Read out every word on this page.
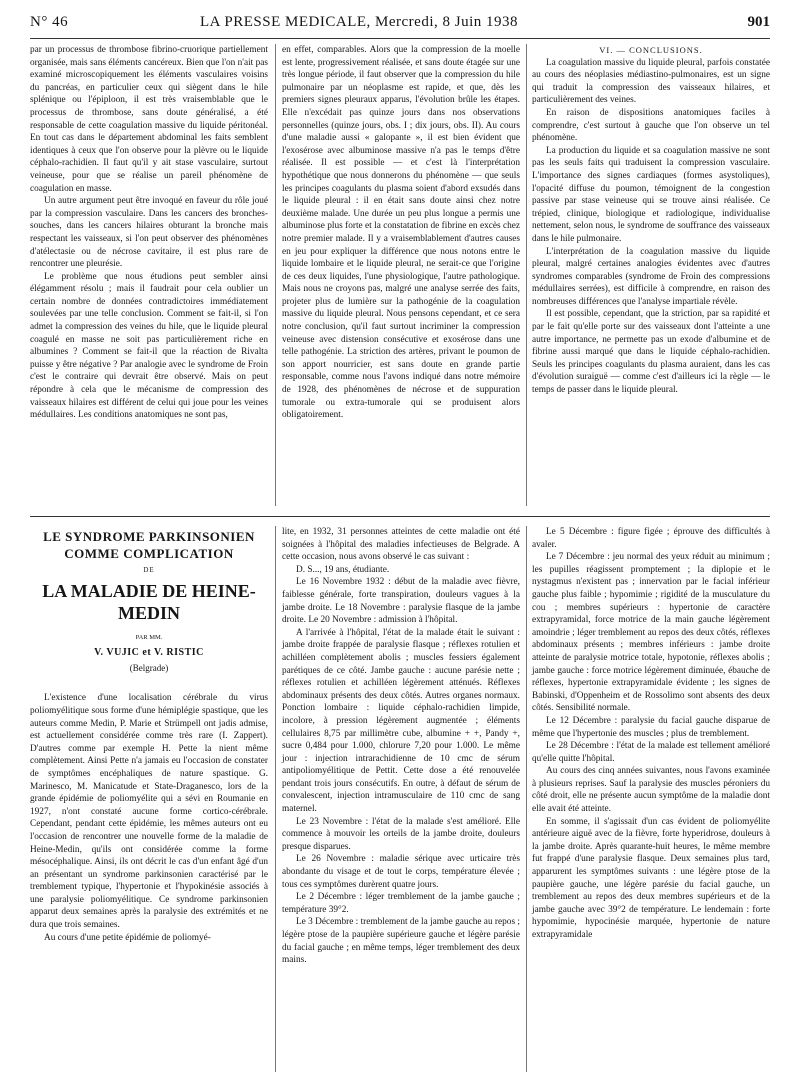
N° 46	LA PRESSE MEDICALE, Mercredi, 8 Juin 1938	901

par un processus de thrombose fibrino-cruorique partiellement organisée, mais sans éléments cancéreux. Bien que l'on n'ait pas examiné microscopiquement les éléments vasculaires voisins du pancréas, en particulier ceux qui siègent dans le hile splénique ou l'épiploon, il est très vraisemblable que le processus de thrombose, sans doute généralisé, a été responsable de cette coagulation massive du liquide péritonéal. En tout cas dans le département abdominal les faits semblent identiques à ceux que l'on observe pour la plèvre ou le liquide céphalo-rachidien. Il faut qu'il y ait stase vasculaire, surtout veineuse, pour que se réalise un pareil phénomène de coagulation en masse.

Un autre argument peut être invoqué en faveur du rôle joué par la compression vasculaire. Dans les cancers des bronches-souches, dans les cancers hilaires obturant la bronche mais respectant les vaisseaux, si l'on peut observer des phénomènes d'atélectasie ou de nécrose cavitaire, il est plus rare de rencontrer une pleurésie.

Le problème que nous étudions peut sembler ainsi élégamment résolu ; mais il faudrait pour cela oublier un certain nombre de données contradictoires immédiatement soulevées par une telle conclusion. Comment se fait-il, si l'on admet la compression des veines du hile, que le liquide pleural coagulé en masse ne soit pas particulièrement riche en albumines ? Comment se fait-il que la réaction de Rivalta puisse y être négative ? Par analogie avec le syndrome de Froin c'est le contraire qui devrait être observé. Mais on peut répondre à cela que le mécanisme de compression des vaisseaux hilaires est différent de celui qui joue pour les veines médullaires. Les conditions anatomiques ne sont pas,

en effet, comparables. Alors que la compression de la moelle est lente, progressivement réalisée, et sans doute étagée sur une très longue période, il faut observer que la compression du hile pulmonaire par un néoplasme est rapide, et que, dès les premiers signes pleuraux apparus, l'évolution brûle les étapes. Elle n'excédait pas quinze jours dans nos observations personnelles (quinze jours, obs. I ; dix jours, obs. II). Au cours d'une maladie aussi « galopante », il est bien évident que l'exosérose avec albuminose massive n'a pas le temps d'être réalisée. Il est possible — et c'est là l'interprétation hypothétique que nous donnerons du phénomène — que seuls les principes coagulants du plasma soient d'abord exsudés dans le liquide pleural : il en était sans doute ainsi chez notre deuxième malade. Une durée un peu plus longue a permis une albuminose plus forte et la constatation de fibrine en excès chez notre premier malade. Il y a vraisemblablement d'autres causes en jeu pour expliquer la différence que nous notons entre le liquide lombaire et le liquide pleural, ne serait-ce que l'origine de ces deux liquides, l'une physiologique, l'autre pathologique. Mais nous ne croyons pas, malgré une analyse serrée des faits, projeter plus de lumière sur la pathogénie de la coagulation massive du liquide pleural. Nous pensons cependant, et ce sera notre conclusion, qu'il faut surtout incriminer la compression veineuse avec distension consécutive et exosérose dans une telle pathogénie. La striction des artères, privant le poumon de son apport nourricier, est sans doute en grande partie responsable, comme nous l'avons indiqué dans notre mémoire de 1928, des phénomènes de nécrose et de suppuration tumorale ou extra-tumorale qui se produisent alors obligatoirement.

VI. — CONCLUSIONS.

La coagulation massive du liquide pleural, parfois constatée au cours des néoplasies médiastino-pulmonaires, est un signe qui traduit la compression des vaisseaux hilaires, et particulièrement des veines.

En raison de dispositions anatomiques faciles à comprendre, c'est surtout à gauche que l'on observe un tel phénomène.

La production du liquide et sa coagulation massive ne sont pas les seuls faits qui traduisent la compression vasculaire. L'importance des signes cardiaques (formes asystoliques), l'opacité diffuse du poumon, témoignent de la congestion passive par stase veineuse qui se trouve ainsi réalisée. Ce trépied, clinique, biologique et radiologique, individualise nettement, selon nous, le syndrome de souffrance des vaisseaux dans le hile pulmonaire.

L'interprétation de la coagulation massive du liquide pleural, malgré certaines analogies évidentes avec d'autres syndromes comparables (syndrome de Froin des compressions médullaires serrées), est difficile à comprendre, en raison des nombreuses différences que l'analyse impartiale révèle.

Il est possible, cependant, que la striction, par sa rapidité et par le fait qu'elle porte sur des vaisseaux dont l'atteinte a une autre importance, ne permette pas un exode d'albumine et de fibrine aussi marqué que dans le liquide céphalo-rachidien. Seuls les principes coagulants du plasma auraient, dans les cas d'évolution suraiguë — comme c'est d'ailleurs ici la règle — le temps de passer dans le liquide pleural.

LE SYNDROME PARKINSONIEN
COMME COMPLICATION
DE
LA MALADIE DE HEINE-MEDIN
PAR MM.
V. VUJIC et V. RISTIC
(Belgrade)

L'existence d'une localisation cérébrale du virus poliomyélitique sous forme d'une hémiplégie spastique, que les auteurs comme Medin, P. Marie et Strümpell ont jadis admise, est actuellement considérée comme très rare (I. Zappert). D'autres comme par exemple H. Pette la nient même complètement. Ainsi Pette n'a jamais eu l'occasion de constater de symptômes encéphaliques de nature spastique. G. Marinesco, M. Manicatude et State-Draganesco, lors de la grande épidémie de poliomyélite qui a sévi en Roumanie en 1927, n'ont constaté aucune forme cortico-cérébrale. Cependant, pendant cette épidémie, les mêmes auteurs ont eu l'occasion de rencontrer une nouvelle forme de la maladie de Heine-Medin, qu'ils ont considérée comme la forme mésocéphalique. Ainsi, ils ont décrit le cas d'un enfant âgé d'un an présentant un syndrome parkinsonien caractérisé par le tremblement typique, l'hypertonie et l'hypokinésie associés à une paralysie poliomyélitique. Ce syndrome parkinsonien apparut deux semaines après la paralysie des extrémités et ne dura que trois semaines.

Au cours d'une petite épidémie de poliomyé-

lite, en 1932, 31 personnes atteintes de cette maladie ont été soignées à l'hôpital des maladies infectieuses de Belgrade. A cette occasion, nous avons observé le cas suivant :

D. S..., 19 ans, étudiante.

Le 16 Novembre 1932 : début de la maladie avec fièvre, faiblesse générale, forte transpiration, douleurs vagues à la jambe droite. Le 18 Novembre : paralysie flasque de la jambe droite. Le 20 Novembre : admission à l'hôpital.

A l'arrivée à l'hôpital, l'état de la malade était le suivant : jambe droite frappée de paralysie flasque ; réflexes rotulien et achilléen complètement abolis ; muscles fessiers également parétiques de ce côté. Jambe gauche : aucune parésie nette ; réflexes rotulien et achilléen légèrement atténués. Réflexes abdominaux présents des deux côtés. Autres organes normaux. Ponction lombaire : liquide céphalo-rachidien limpide, incolore, à pression légèrement augmentée ; éléments cellulaires 8,75 par millimètre cube, albumine + +, Pandy +, sucre 0,484 pour 1.000, chlorure 7,20 pour 1.000. Le même jour : injection intrarachidienne de 10 cmc de sérum antipoliomyélitique de Pettit. Cette dose a été renouvelée pendant trois jours consécutifs. En outre, à défaut de sérum de convalescent, injection intramusculaire de 110 cmc de sang maternel.

Le 23 Novembre : l'état de la malade s'est amélioré. Elle commence à mouvoir les orteils de la jambe droite, douleurs presque disparues.

Le 26 Novembre : maladie sérique avec urticaire très abondante du visage et de tout le corps, température élevée ; tous ces symptômes durèrent quatre jours.

Le 2 Décembre : léger tremblement de la jambe gauche ; température 39°2.

Le 3 Décembre : tremblement de la jambe gauche au repos ; légère ptose de la paupière supérieure gauche et légère parésie du facial gauche ; en même temps, léger tremblement des deux mains.

Le 5 Décembre : figure figée ; éprouve des difficultés à avaler.

Le 7 Décembre : jeu normal des yeux réduit au minimum ; les pupilles réagissent promptement ; la diplopie et le nystagmus n'existent pas ; innervation par le facial inférieur gauche plus faible ; hypomimie ; rigidité de la musculature du cou ; membres supérieurs : hypertonie de caractère extrapyramidal, force motrice de la main gauche légèrement amoindrie ; léger tremblement au repos des deux côtés, réflexes abdominaux présents ; membres inférieurs : jambe droite atteinte de paralysie motrice totale, hypotonie, réflexes abolis ; jambe gauche : force motrice légèrement diminuée, ébauche de réflexes, hypertonie extrapyramidale évidente ; les signes de Babinski, d'Oppenheim et de Rossolimo sont absents des deux côtés. Sensibilité normale.

Le 12 Décembre : paralysie du facial gauche disparue de même que l'hypertonie des muscles ; plus de tremblement.

Le 28 Décembre : l'état de la malade est tellement amélioré qu'elle quitte l'hôpital.

Au cours des cinq années suivantes, nous l'avons examinée à plusieurs reprises. Sauf la paralysie des muscles péroniers du côté droit, elle ne présente aucun symptôme de la maladie dont elle avait été atteinte.

En somme, il s'agissait d'un cas évident de poliomyélite antérieure aiguë avec de la fièvre, forte hyperidrose, douleurs à la jambe droite. Après quarante-huit heures, le même membre fut frappé d'une paralysie flasque. Deux semaines plus tard, apparurent les symptômes suivants : une légère ptose de la paupière gauche, une légère parésie du facial gauche, un tremblement au repos des deux membres supérieurs et de la jambe gauche avec 39°2 de température. Le lendemain : forte hypomimie, hypocinésie marquée, hypertonie de nature extrapyramidale
